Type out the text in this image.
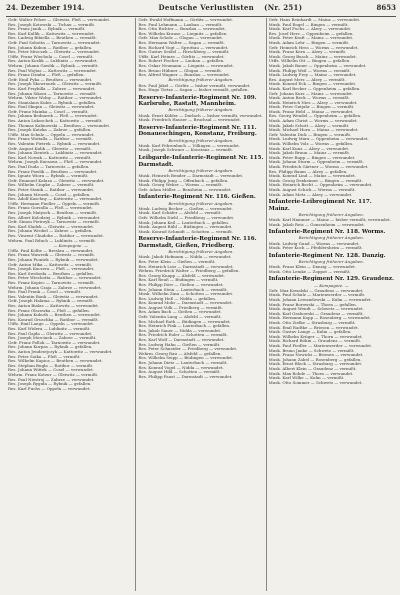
24. Dezember 1914.	Deutsche Verlustlisten (Nr. 251)	8653
Gefr. Walter Pelzer — Gleiwitz, Pleß — verwundet.
Res. Joseph Kotowski — Tichau — vermißt.
Res. Franz Janik — Rybnik — vermißt.
Res. Karl Kullik — Kattowitz — verwundet.
Res. Ludwig Bibiella — Beuthen — vermißt.
Gefr. Paul Sobotta — Tarnowitz — verwundet.
Res. Johann Kubon — Ratibor — gefallen.
Res. Peter Mroczek — Gleiwitz — verwundet.
Utffz. Franz Wiechula — Cosel — vermißt.
Res. Anton Kozlik — Lublinitz — verwundet.
Wehrm. Johann Gawlik — Rybnik — vermißt.
Res. Paul Wojtas — Kattowitz — verwundet.
Res. Franz Dziuba — Pleß — gefallen.
Gefr. Emil Pyka — Beuthen — verwundet.
Res. Joseph Skowronek — Gleiwitz — vermißt.
Res. Karl Przybilla — Zabrze — verwundet.
Res. Johann Sikora — Tarnowitz — vermißt.
Wehrm. Viktor Wolny — Ratibor — verwundet.
Res. Stanislaus Kubis — Rybnik — gefallen.
Res. Paul Skupin — Gleiwitz — verwundet.
Gefr. Franz Mainka — Cosel — vermißt.
Res. Johann Bednarek — Pleß — verwundet.
Res. Anton Lukoschek — Kattowitz — vermißt.
Res. Thomas Kalinowski — Beuthen — verwundet.
Res. Joseph Kutzka — Zabrze — gefallen.
Utffz. Max Schulz — Oppeln — verwundet.
Res. Franz Woitalla — Ratibor — vermißt.
Res. Valentin Pietrek — Rybnik — verwundet.
Gefr. August Kulik — Gleiwitz — vermißt.
Res. Johann Zientek — Lublinitz — verwundet.
Res. Karl Nowak — Kattowitz — vermißt.
Wehrm. Joseph Kurzawa — Pleß — verwundet.
Res. Paul Duda — Tarnowitz — gefallen.
Res. Franz Pawlik — Beuthen — verwundet.
Res. Ignatz Wiora — Rybnik — vermißt.
Gefr. Emanuel Kaluza — Gleiwitz — verwundet.
Res. Wilhelm Ciupke — Zabrze — vermißt.
Res. Peter Stanik — Ratibor — verwundet.
Res. Johann Mrozek — Cosel — gefallen.
Res. Adolf Kaschny — Kattowitz — verwundet.
Utffz. Hermann Fiedler — Oppeln — vermißt.
Res. Franz Gorzolla — Pleß — verwundet.
Res. Joseph Matysek — Beuthen — vermißt.
Res. Albert Kolodziej — Rybnik — verwundet.
Gefr. Simon Pietrzyk — Tarnowitz — vermißt.
Res. Karl Sladek — Gleiwitz — verwundet.
Res. Johann Wrobel — Zabrze — gefallen.
Res. Vinzent Chudoba — Ratibor — verwundet.
Wehrm. Paul Rduch — Lublinitz — vermißt.
— Kompagnie. —
Utffz. Paul Kolbe — Breslau — verwundet.
Res. Franz Wawrzik — Gleiwitz — vermißt.
Res. Johann Piontek — Rybnik — verwundet.
Gefr. Anton Mika — Kattowitz — vermißt.
Res. Joseph Kuczera — Pleß — verwundet.
Res. Karl Swoboda — Beuthen — gefallen.
Res. Peter Wiechotta — Ratibor — verwundet.
Res. Franz Kopiec — Tarnowitz — vermißt.
Wehrm. Johann Czaja — Zabrze — verwundet.
Res. Paul Frank — Cosel — vermißt.
Res. Valentin Bonk — Gleiwitz — verwundet.
Gefr. Joseph Halama — Rybnik — vermißt.
Res. Anton Bialas — Kattowitz — verwundet.
Res. Franz Olszowka — Pleß — gefallen.
Res. Johann Kuboth — Beuthen — verwundet.
Res. Konrad Gruschka — Ratibor — vermißt.
Utffz. Emil Lange — Oppeln — verwundet.
Res. Karl Widera — Lublinitz — vermißt.
Res. Paul Gajda — Gleiwitz — verwundet.
Res. Joseph Morcinek — Zabrze — vermißt.
Gefr. Franz Pollok — Tarnowitz — verwundet.
Res. Johann Kurpas — Rybnik — gefallen.
Res. Anton Jendrzejczyk — Kattowitz — verwundet.
Res. Peter Soika — Pleß — vermißt.
Res. Wilhelm Kapica — Beuthen — verwundet.
Res. Stephan Bugla — Ratibor — vermißt.
Res. Johann Wittek — Cosel — verwundet.
Wehrm. Franz Kotzur — Gleiwitz — vermißt.
Res. Paul Niestroj — Zabrze — verwundet.
Res. Joseph Ryguła — Rybnik — gefallen.
Res. Karl Fuchs — Oppeln — verwundet.
Gefr. Ewald Hoffmann — Görlitz — verwundet.
Res. Paul Lehmann — Lauban — vermißt.
Res. Otto Richter — Bunzlau — verwundet.
Res. Wilhelm Krause — Liegnitz — gefallen.
Gefr. Max Scholz — Glogau — verwundet.
Res. Hermann Walter — Sagan — vermißt.
Res. Richard Vogt — Sprottau — verwundet.
Res. Gustav Seidel — Hirschberg — vermißt.
Utffz. Karl Heinze — Görlitz — verwundet.
Res. Robert Fischer — Lauban — gefallen.
Res. Oskar Neumann — Liegnitz — verwundet.
Res. Bruno Hübner — Glogau — vermißt.
Res. Alfred Wagner — Bunzlau — verwundet.
Berichtigung früherer Angaben.
Res. Paul Jäkel — Görlitz — bisher vermißt, verwundet.
Res. Hugo Tietze — Sagan — bisher vermißt, gefallen.
Reserve-Infanterie-Regiment Nr. 109. Karlsruhe, Rastatt, Mannheim.
Berichtigung früherer Angaben.
Musk. Ernst Kübler — Durlach — bisher vermißt, verwundet.
Musk. Friedrich Hauser — Bruchsal — verwundet.
Reserve-Infanterie-Regiment Nr. 111. Donaueschingen, Konstanz, Freiburg.
Berichtigung früherer Angaben.
Musk. Karl Fehrenbach — Villingen — verwundet.
Musk. Joseph Schwarz — Konstanz — vermißt.
Leibgarde-Infanterie-Regiment Nr. 115. Darmstadt.
Berichtigung früherer Angaben.
Musk. Heinrich Bender — Darmstadt — verwundet.
Musk. Philipp Jung — Offenbach — gefallen.
Musk. Georg Weber — Worms — vermißt.
Gefr. Adam Müller — Bensheim — verwundet.
Infanterie-Regiment Nr. 116. Gießen.
Berichtigung früherer Angaben.
Musk. Ludwig Becker — Gießen — verwundet.
Musk. Karl Schäfer — Alsfeld — vermißt.
Gefr. Wilhelm Diehl — Friedberg — verwundet.
Musk. Johann Keil — Lauterbach — gefallen.
Musk. August Rühl — Büdingen — verwundet.
Musk. Konrad Schmidt — Schotten — vermißt.
Reserve-Infanterie-Regiment Nr. 116. Darmstadt, Gießen, Friedberg.
Berichtigung früherer Angaben.
Musk. Jakob Hofmann — Nidda — verwundet.
Res. Peter Klein — Gießen — vermißt.
Res. Heinrich Lotz — Darmstadt — verwundet.
Wehrm. Friedrich Walter — Friedberg — gefallen.
Res. Georg Knapp — Alsfeld — verwundet.
Res. Karl Reuß — Büdingen — vermißt.
Res. Philipp Dörr — Gießen — verwundet.
Res. Johann Stein — Lauterbach — vermißt.
Musk. Wilhelm Zinn — Schotten — verwundet.
Res. Ludwig Heß — Nidda — gefallen.
Res. Konrad Mohr — Darmstadt — verwundet.
Res. August Volk — Friedberg — vermißt.
Res. Adam Bach — Gießen — verwundet.
Gefr. Valentin Lang — Alsfeld — vermißt.
Res. Michael Roth — Büdingen — verwundet.
Res. Heinrich Fink — Lauterbach — gefallen.
Res. Jakob Sauer — Nidda — verwundet.
Res. Friedrich Euler — Schotten — vermißt.
Res. Karl Wolf — Darmstadt — verwundet.
Res. Ludwig Hahn — Gießen — vermißt.
Res. Peter Schneider — Friedberg — verwundet.
Wehrm. Georg Rau — Alsfeld — gefallen.
Res. Wilhelm Seipp — Büdingen — verwundet.
Res. Johann Dietz — Lauterbach — vermißt.
Res. Konrad Vogel — Nidda — verwundet.
Res. August Hild — Schotten — vermißt.
Res. Philipp Faust — Darmstadt — verwundet.
Gefr. Hans Reinhardt — Mainz — verwundet.
Musk. Paul Engel — Bingen — vermißt.
Musk. Karl Fuchs — Alzey — verwundet.
Res. Josef Herz — Oppenheim — gefallen.
Musk. Peter Kraft — Mainz — verwundet.
Musk. Adam Lehr — Bingen — vermißt.
Gefr. Heinrich Hess — Worms — verwundet.
Musk. Franz Kern — Alzey — vermißt.
Musk. Georg Busch — Mainz — verwundet.
Utffz. Wilhelm Ott — Bingen — gefallen.
Musk. Jakob Bauer — Oppenheim — verwundet.
Musk. Philipp Weil — Worms — vermißt.
Musk. Ludwig Frey — Mainz — verwundet.
Res. August Merz — Alzey — vermißt.
Musk. Konrad Eck — Bingen — verwundet.
Musk. Karl Becker — Oppenheim — gefallen.
Gefr. Johann Kurz — Mainz — verwundet.
Musk. Anton Beck — Worms — vermißt.
Musk. Heinrich Nies — Alzey — verwundet.
Musk. Peter Gutjahr — Bingen — vermißt.
Musk. Franz Held — Mainz — verwundet.
Res. Georg Wendel — Oppenheim — gefallen.
Musk. Adam Christ — Worms — verwundet.
Musk. Jakob Schott — Alzey — vermißt.
Musk. Michael Horn — Mainz — verwundet.
Gefr. Valentin Dick — Bingen — vermißt.
Musk. Ludwig Marx — Oppenheim — verwundet.
Musk. Wilhelm Volz — Worms — gefallen.
Musk. Karl Kunz — Alzey — verwundet.
Musk. Jakob Braun — Mainz — vermißt.
Musk. Peter Rupp — Bingen — verwundet.
Musk. Johann Sturm — Oppenheim — vermißt.
Musk. Friedrich Gärtner — Worms — verwundet.
Res. Philipp Baum — Alzey — gefallen.
Musk. Konrad Lind — Mainz — verwundet.
Musk. Georg Dexheimer — Bingen — vermißt.
Musk. Heinrich Becht — Oppenheim — verwundet.
Musk. August Schick — Worms — vermißt.
Musk. Adam Metz — Alzey — verwundet.
Infanterie-Leibregiment Nr. 117. Mainz.
Berichtigung früherer Angaben.
Musk. Karl Hammer — Mainz — bisher vermißt, verwundet.
Musk. Jakob Reis — Gonsenheim — verwundet.
Infanterie-Regiment Nr. 118. Worms.
Berichtigung früherer Angaben.
Musk. Ludwig Gund — Worms — verwundet.
Musk. Peter Koch — Pfeddersheim — vermißt.
Infanterie-Regiment Nr. 128. Danzig.
Berichtigung früherer Angaben.
Musk. Franz Klein — Danzig — verwundet.
Musk. Otto Lemke — Zoppot — vermißt.
Infanterie-Regiment Nr. 129. Graudenz.
— Kompagnie. —
Gefr. Max Kowalski — Graudenz — verwundet.
Musk. Paul Schulz — Marienwerder — vermißt.
Musk. Johann Lewandowski — Kulm — verwundet.
Musk. Franz Borowski — Thorn — gefallen.
Musk. August Wendt — Schwetz — verwundet.
Musk. Karl Grabowski — Graudenz — vermißt.
Musk. Hermann Kopp — Rosenberg — verwundet.
Musk. Otto Zielke — Strasburg — vermißt.
Musk. Emil Radtke — Briesen — verwundet.
Musk. Gustav Lange — Kulm — gefallen.
Musk. Wilhelm Krüger — Thorn — verwundet.
Musk. Richard Böhm — Graudenz — vermißt.
Musk. Paul Fiedler — Marienwerder — verwundet.
Musk. Bruno Janke — Schwetz — vermißt.
Musk. Franz Nowicki — Briesen — verwundet.
Musk. Johann Zabel — Rosenberg — gefallen.
Musk. Ernst Block — Strasburg — verwundet.
Musk. Albert Klein — Graudenz — vermißt.
Musk. Max Rohde — Thorn — verwundet.
Musk. Karl Wilke — Kulm — vermißt.
Musk. Otto Sommer — Schwetz — verwundet.
